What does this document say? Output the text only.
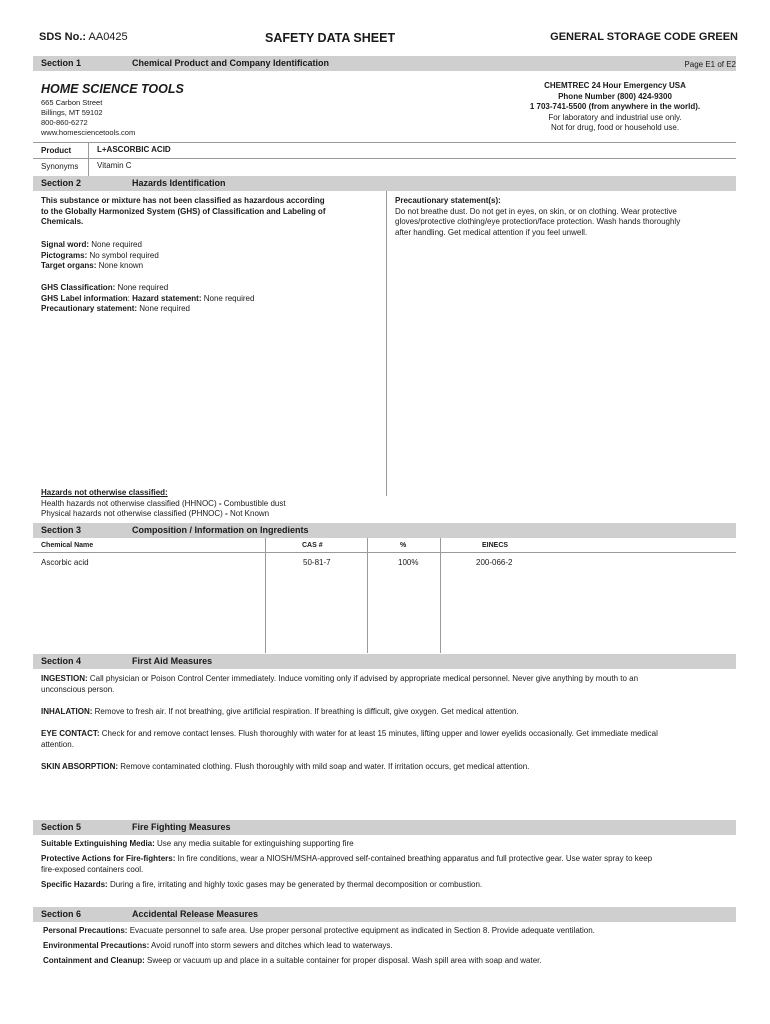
SDS No.: AA0425	SAFETY DATA SHEET	GENERAL STORAGE CODE GREEN
Section 1	Chemical Product and Company Identification	Page E1 of E2
HOME SCIENCE TOOLS
665 Carbon Street
Billings, MT 59102
800-860-6272
www.homesciencetools.com
CHEMTREC 24 Hour Emergency USA
Phone Number (800) 424-9300
1 703-741-5500 (from anywhere in the world).
For laboratory and industrial use only.
Not for drug, food or household use.
Product	L+ASCORBIC ACID
Synonyms Vitamin C
Section 2	Hazards Identification
This substance or mixture has not been classified as hazardous according
to the Globally Harmonized System (GHS) of Classification and Labeling of
Chemicals.
Signal word: None required
Pictograms: No symbol required
Target organs: None known
GHS Classification: None required
GHS Label information: Hazard statement: None required
Precautionary statement: None required
Precautionary statement(s):
Do not breathe dust. Do not get in eyes, on skin, or on clothing. Wear protective
gloves/protective clothing/eye protection/face protection. Wash hands thoroughly
after handling. Get medical attention if you feel unwell.
Hazards not otherwise classified:
Health hazards not otherwise classified (HHNOC) - Combustible dust
Physical hazards not otherwise classified (PHNOC) - Not Known
Section 3	Composition / Information on Ingredients
Chemical Name	CAS #	%	EINECS
Ascorbic acid	50-81-7	100%	200-066-2
Section 4	First Aid Measures
INGESTION: Call physician or Poison Control Center immediately. Induce vomiting only if advised by appropriate medical personnel. Never give anything by mouth to an
unconscious person.
INHALATION: Remove to fresh air. If not breathing, give artificial respiration. If breathing is difficult, give oxygen. Get medical attention.
EYE CONTACT: Check for and remove contact lenses. Flush thoroughly with water for at least 15 minutes, lifting upper and lower eyelids occasionally. Get immediate medical
attention.
SKIN ABSORPTION: Remove contaminated clothing. Flush thoroughly with mild soap and water. If irritation occurs, get medical attention.
Section 5	Fire Fighting Measures
Suitable Extinguishing Media: Use any media suitable for extinguishing supporting fire
Protective Actions for Fire-fighters: In fire conditions, wear a NIOSH/MSHA-approved self-contained breathing apparatus and full protective gear. Use water spray to keep
fire-exposed containers cool.
Specific Hazards: During a fire, irritating and highly toxic gases may be generated by thermal decomposition or combustion.
Section 6	Accidental Release Measures
Personal Precautions: Evacuate personnel to safe area. Use proper personal protective equipment as indicated in Section 8. Provide adequate ventilation.
Environmental Precautions: Avoid runoff into storm sewers and ditches which lead to waterways.
Containment and Cleanup: Sweep or vacuum up and place in a suitable container for proper disposal. Wash spill area with soap and water.
